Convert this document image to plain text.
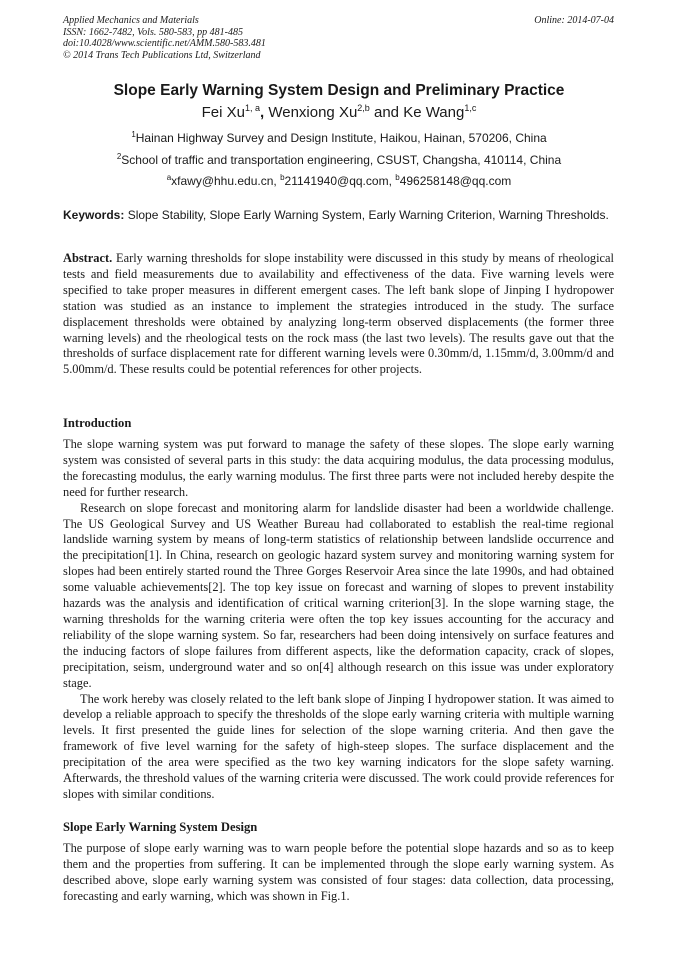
Applied Mechanics and Materials
ISSN: 1662-7482, Vols. 580-583, pp 481-485
doi:10.4028/www.scientific.net/AMM.580-583.481
© 2014 Trans Tech Publications Ltd, Switzerland
Online: 2014-07-04
Slope Early Warning System Design and Preliminary Practice
Fei Xu$^{1, a}$, Wenxiong Xu$^{2,b}$ and Ke Wang$^{1,c}$
$^1$Hainan Highway Survey and Design Institute, Haikou, Hainan, 570206, China
$^2$School of traffic and transportation engineering, CSUST, Changsha, 410114, China
$^a$xfawy@hhu.edu.cn, $^b$21141940@qq.com, $^b$496258148@qq.com
Keywords: Slope Stability, Slope Early Warning System, Early Warning Criterion, Warning Thresholds.
Abstract. Early warning thresholds for slope instability were discussed in this study by means of rheological tests and field measurements due to availability and effectiveness of the data. Five warning levels were specified to take proper measures in different emergent cases. The left bank slope of Jinping I hydropower station was studied as an instance to implement the strategies introduced in the study. The surface displacement thresholds were obtained by analyzing long-term observed displacements (the former three warning levels) and the rheological tests on the rock mass (the last two levels). The results gave out that the thresholds of surface displacement rate for different warning levels were 0.30mm/d, 1.15mm/d, 3.00mm/d and 5.00mm/d. These results could be potential references for other projects.
Introduction

The slope warning system was put forward to manage the safety of these slopes. The slope early warning system was consisted of several parts in this study: the data acquiring modulus, the data processing modulus, the forecasting modulus, the early warning modulus. The first three parts were not included hereby despite the need for further research.

Research on slope forecast and monitoring alarm for landslide disaster had been a worldwide challenge. The US Geological Survey and US Weather Bureau had collaborated to establish the real-time regional landslide warning system by means of long-term statistics of relationship between landslide occurrence and the precipitation[1]. In China, research on geologic hazard system survey and monitoring warning system for slopes had been entirely started round the Three Gorges Reservoir Area since the late 1990s, and had obtained some valuable achievements[2]. The top key issue on forecast and warning of slopes to prevent instability hazards was the analysis and identification of critical warning criterion[3]. In the slope warning stage, the warning thresholds for the warning criteria were often the top key issues accounting for the accuracy and reliability of the slope warning system. So far, researchers had been doing intensively on surface features and the inducing factors of slope failures from different aspects, like the deformation capacity, crack of slopes, precipitation, seism, underground water and so on[4] although research on this issue was under exploratory stage.

The work hereby was closely related to the left bank slope of Jinping I hydropower station. It was aimed to develop a reliable approach to specify the thresholds of the slope early warning criteria with multiple warning levels. It first presented the guide lines for selection of the slope warning criteria. And then gave the framework of five level warning for the safety of high-steep slopes. The surface displacement and the precipitation of the area were specified as the two key warning indicators for the slope safety warning. Afterwards, the threshold values of the warning criteria were discussed. The work could provide references for slopes with similar conditions.

Slope Early Warning System Design

The purpose of slope early warning was to warn people before the potential slope hazards and so as to keep them and the properties from suffering. It can be implemented through the slope early warning system. As described above, slope early warning system was consisted of four stages: data collection, data processing, forecasting and early warning, which was shown in Fig.1.
